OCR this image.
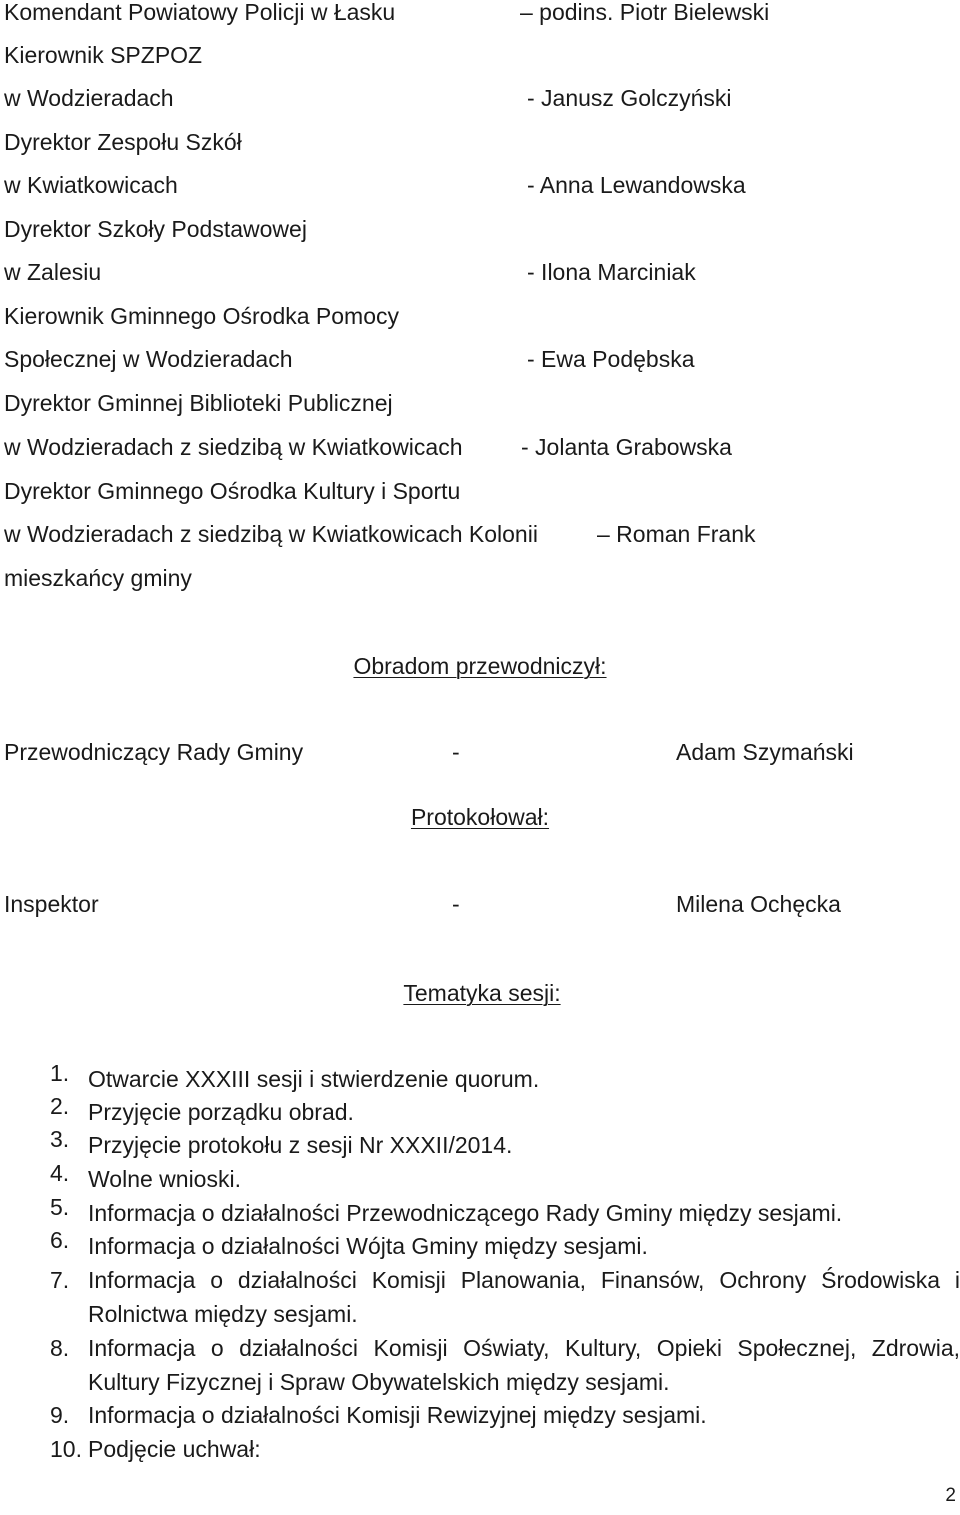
Komendant Powiatowy Policji w Łasku	– podins. Piotr Bielewski
Kierownik SPZPOZ
w Wodzieradach	- Janusz Golczyński
Dyrektor Zespołu Szkół
w Kwiatkowicach	- Anna Lewandowska
Dyrektor Szkoły Podstawowej
w Zalesiu	- Ilona Marciniak
Kierownik Gminnego Ośrodka Pomocy
Społecznej w Wodzieradach	- Ewa Podębska
Dyrektor Gminnej Biblioteki Publicznej
w Wodzieradach z siedzibą w Kwiatkowicach	- Jolanta Grabowska
Dyrektor Gminnego Ośrodka Kultury i Sportu
w Wodzieradach z siedzibą w Kwiatkowicach Kolonii	– Roman Frank
mieszkańcy gminy
Obradom przewodniczył:
Przewodniczący Rady Gminy	-	Adam Szymański
Protokołował:
Inspektor	-	Milena Ochęcka
Tematyka sesji:
1. Otwarcie XXXIII sesji i stwierdzenie quorum.
2. Przyjęcie porządku obrad.
3. Przyjęcie protokołu z sesji Nr XXXII/2014.
4. Wolne wnioski.
5. Informacja o działalności Przewodniczącego Rady Gminy między sesjami.
6. Informacja o działalności Wójta Gminy między sesjami.
7. Informacja o działalności Komisji Planowania, Finansów, Ochrony Środowiska i Rolnictwa między sesjami.
8. Informacja o działalności Komisji Oświaty, Kultury, Opieki Społecznej, Zdrowia, Kultury Fizycznej i Spraw Obywatelskich między sesjami.
9. Informacja o działalności Komisji Rewizyjnej między sesjami.
10. Podjęcie uchwał:
2
